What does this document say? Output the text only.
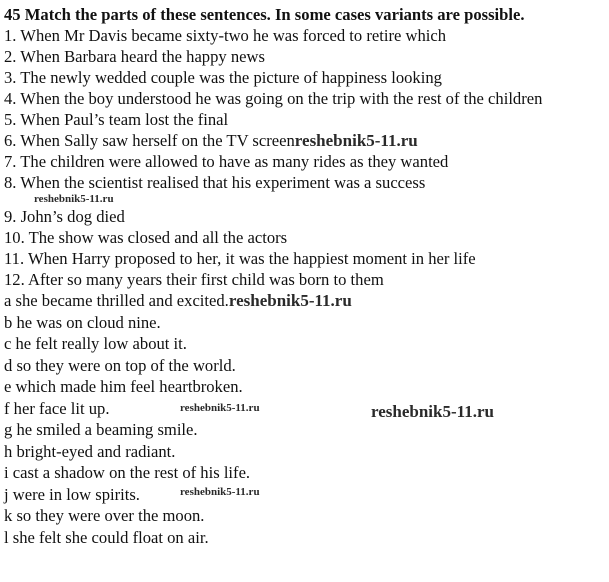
45 Match the parts of these sentences. In some cases variants are possible.
1. When Mr Davis became sixty-two he was forced to retire which
2. When Barbara heard the happy news
3. The newly wedded couple was the picture of happiness looking
4. When the boy understood he was going on the trip with the rest of the children
5. When Paul’s team lost the final
6. When Sally saw herself on the TV screenreshebnik5-11.ru
7. The children were allowed to have as many rides as they wanted
8. When the scientist realised that his experiment was a success
reshebnik5-11.ru
9. John’s dog died
10. The show was closed and all the actors
11. When Harry proposed to her, it was the happiest moment in her life
12. After so many years their first child was born to them
a she became thrilled and excited.reshebnik5-11.ru
b he was on cloud nine.
c he felt really low about it.
d so they were on top of the world.
e which made him feel heartbroken.
f her face lit up.	reshebnik5-11.ru	reshebnik5-11.ru
g he smiled a beaming smile.
h bright-eyed and radiant.
i cast a shadow on the rest of his life.
j were in low spirits.	reshebnik5-11.ru
k so they were over the moon.
l she felt she could float on air.
